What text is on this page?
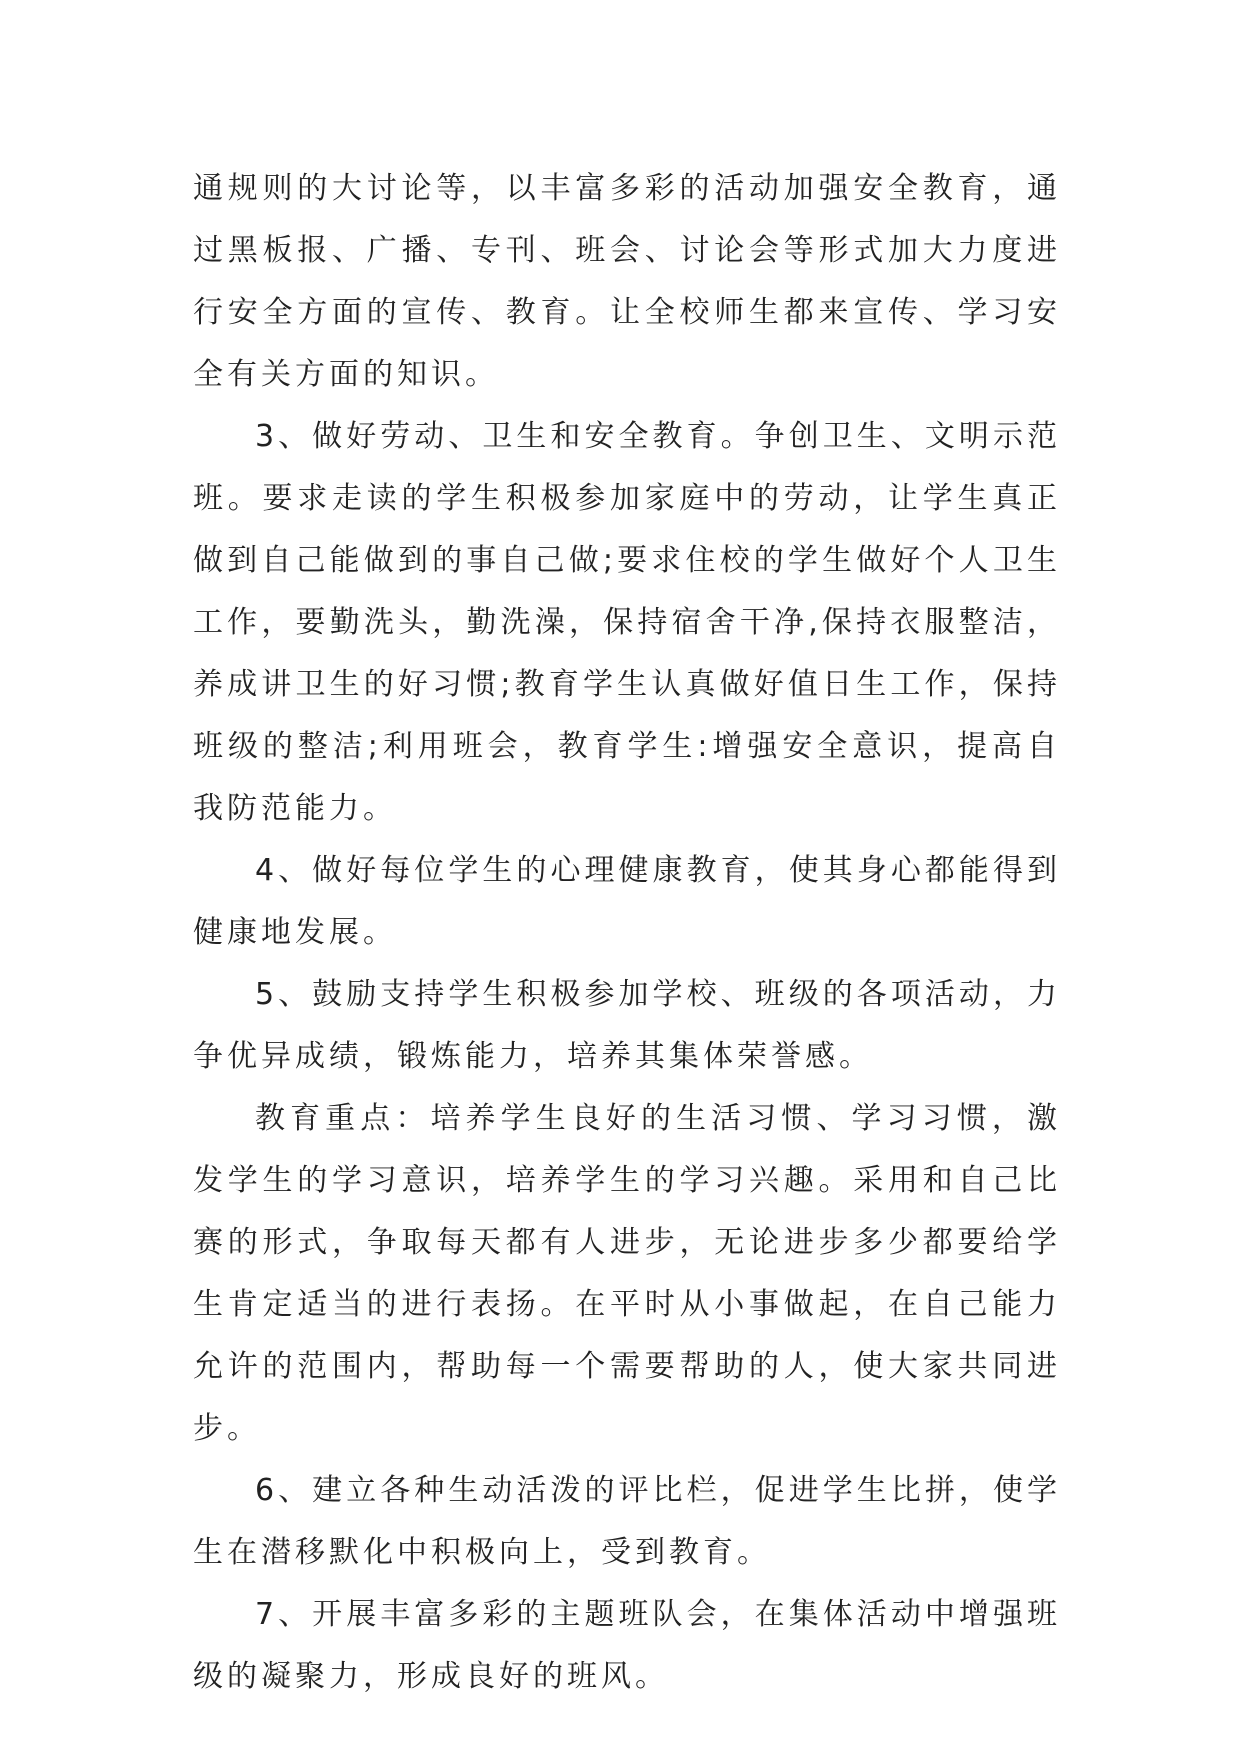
通规则的大讨论等，以丰富多彩的活动加强安全教育，通过黑板报、广播、专刊、班会、讨论会等形式加大力度进行安全方面的宣传、教育。让全校师生都来宣传、学习安全有关方面的知识。

3、做好劳动、卫生和安全教育。争创卫生、文明示范班。要求走读的学生积极参加家庭中的劳动，让学生真正做到自己能做到的事自己做;要求住校的学生做好个人卫生工作，要勤洗头，勤洗澡，保持宿舍干净,保持衣服整洁，养成讲卫生的好习惯;教育学生认真做好值日生工作，保持班级的整洁;利用班会，教育学生:增强安全意识，提高自我防范能力。

4、做好每位学生的心理健康教育，使其身心都能得到健康地发展。

5、鼓励支持学生积极参加学校、班级的各项活动，力争优异成绩，锻炼能力，培养其集体荣誉感。

教育重点：培养学生良好的生活习惯、学习习惯，激发学生的学习意识，培养学生的学习兴趣。采用和自己比赛的形式，争取每天都有人进步，无论进步多少都要给学生肯定适当的进行表扬。在平时从小事做起，在自己能力允许的范围内，帮助每一个需要帮助的人，使大家共同进步。

6、建立各种生动活泼的评比栏，促进学生比拼，使学生在潜移默化中积极向上，受到教育。

7、开展丰富多彩的主题班队会，在集体活动中增强班级的凝聚力，形成良好的班风。
